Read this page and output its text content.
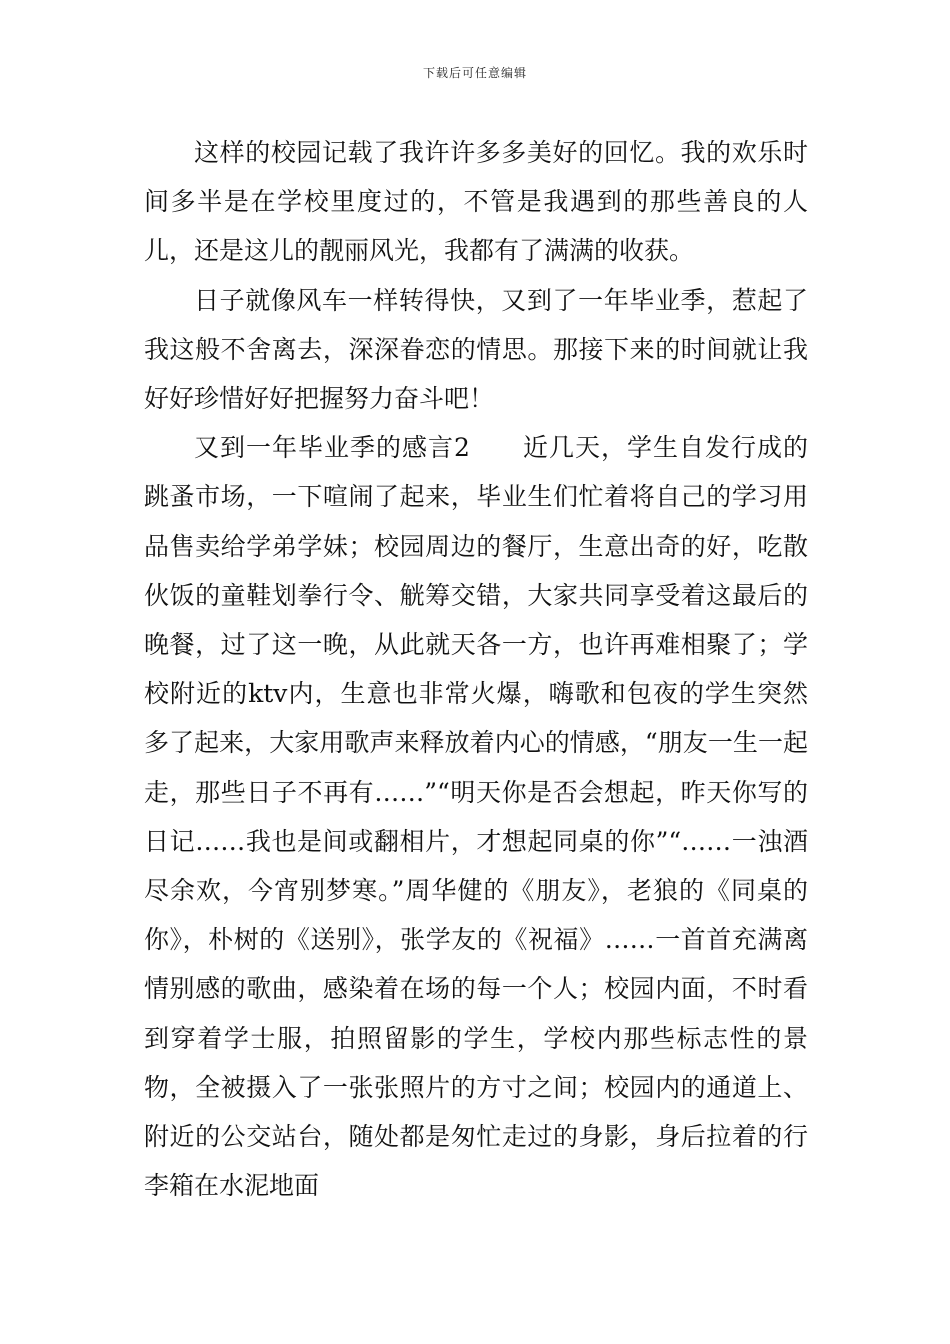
下载后可任意编辑

这样的校园记载了我许许多多美好的回忆。我的欢乐时间多半是在学校里度过的，不管是我遇到的那些善良的人儿，还是这儿的靓丽风光，我都有了满满的收获。

日子就像风车一样转得快，又到了一年毕业季，惹起了我这般不舍离去，深深眷恋的情思。那接下来的时间就让我好好珍惜好好把握努力奋斗吧！

又到一年毕业季的感言2　　近几天，学生自发行成的跳蚤市场，一下喧闹了起来，毕业生们忙着将自己的学习用品售卖给学弟学妹；校园周边的餐厅，生意出奇的好，吃散伙饭的童鞋划拳行令、觥筹交错，大家共同享受着这最后的晚餐，过了这一晚，从此就天各一方，也许再难相聚了；学校附近的ktv内，生意也非常火爆，嗨歌和包夜的学生突然多了起来，大家用歌声来释放着内心的情感，“朋友一生一起走，那些日子不再有……”“明天你是否会想起，昨天你写的日记……我也是间或翻相片，才想起同桌的你”“……一浊酒尽余欢，今宵别梦寒。”周华健的《朋友》，老狼的《同桌的你》，朴树的《送别》，张学友的《祝福》……一首首充满离情别感的歌曲，感染着在场的每一个人；校园内面，不时看到穿着学士服，拍照留影的学生，学校内那些标志性的景物，全被摄入了一张张照片的方寸之间；校园内的通道上、附近的公交站台，随处都是匆忙走过的身影，身后拉着的行李箱在水泥地面
